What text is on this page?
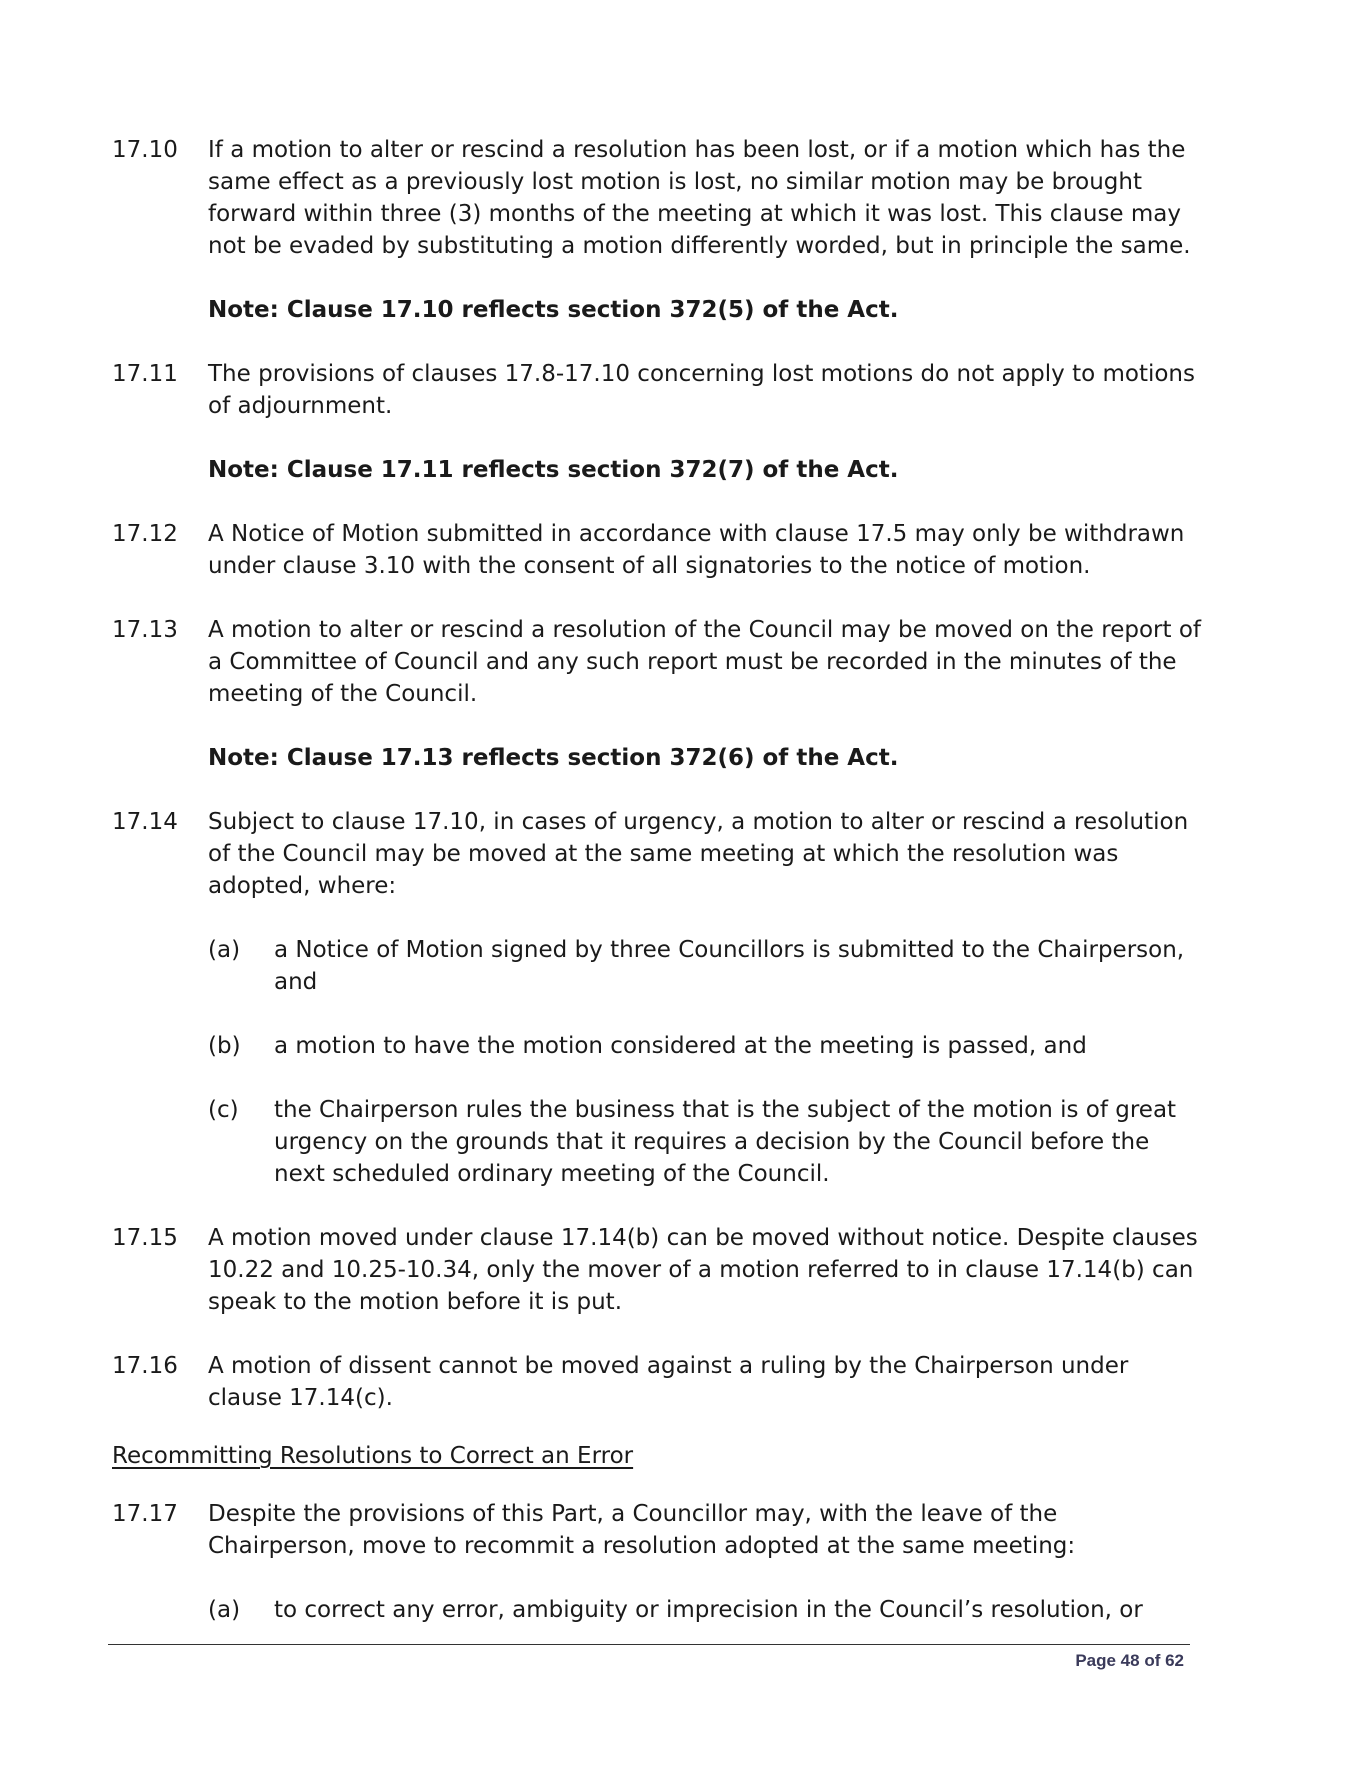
17.10	If a motion to alter or rescind a resolution has been lost, or if a motion which has the same effect as a previously lost motion is lost, no similar motion may be brought forward within three (3) months of the meeting at which it was lost. This clause may not be evaded by substituting a motion differently worded, but in principle the same.

Note: Clause 17.10 reflects section 372(5) of the Act.

17.11	The provisions of clauses 17.8-17.10 concerning lost motions do not apply to motions of adjournment.

Note: Clause 17.11 reflects section 372(7) of the Act.

17.12	A Notice of Motion submitted in accordance with clause 17.5 may only be withdrawn under clause 3.10 with the consent of all signatories to the notice of motion.

17.13	A motion to alter or rescind a resolution of the Council may be moved on the report of a Committee of Council and any such report must be recorded in the minutes of the meeting of the Council.

Note: Clause 17.13 reflects section 372(6) of the Act.

17.14	Subject to clause 17.10, in cases of urgency, a motion to alter or rescind a resolution of the Council may be moved at the same meeting at which the resolution was adopted, where:

(a)	a Notice of Motion signed by three Councillors is submitted to the Chairperson, and
(b)	a motion to have the motion considered at the meeting is passed, and
(c)	the Chairperson rules the business that is the subject of the motion is of great urgency on the grounds that it requires a decision by the Council before the next scheduled ordinary meeting of the Council.
17.15	A motion moved under clause 17.14(b) can be moved without notice. Despite clauses 10.22 and 10.25-10.34, only the mover of a motion referred to in clause 17.14(b) can speak to the motion before it is put.

17.16	A motion of dissent cannot be moved against a ruling by the Chairperson under clause 17.14(c).

Recommitting Resolutions to Correct an Error

17.17	Despite the provisions of this Part, a Councillor may, with the leave of the Chairperson, move to recommit a resolution adopted at the same meeting:

(a)	to correct any error, ambiguity or imprecision in the Council’s resolution, or
Page 48 of 62
